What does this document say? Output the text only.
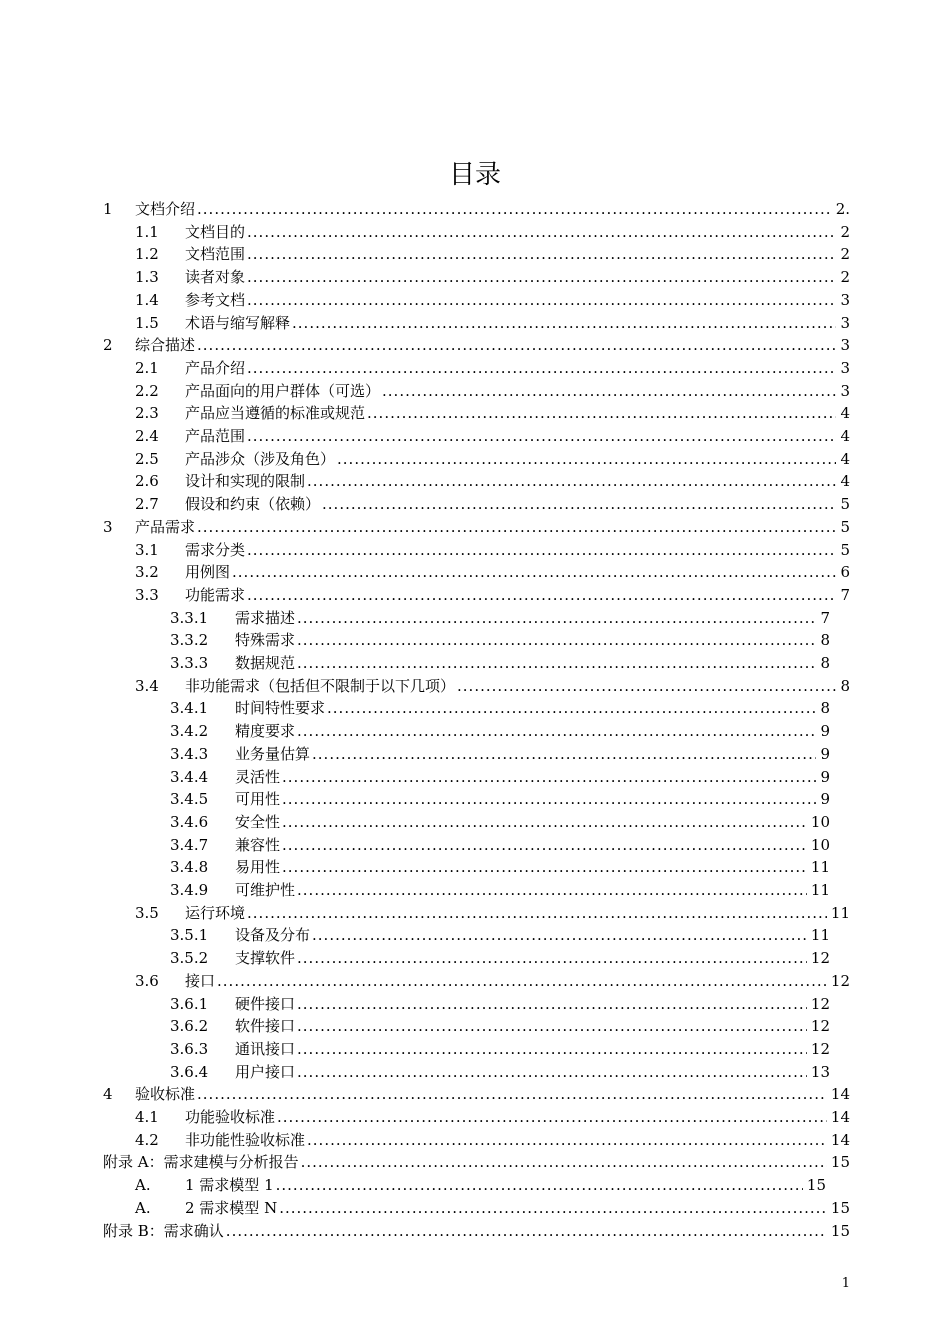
目录
1	文档介绍 .....	2.
1.1	文档目的 .....	2
1.2	文档范围 .....	2
1.3	读者对象 .....	2
1.4	参考文档 .....	3
1.5	术语与缩写解释 .....	3
2	综合描述 .....	3
2.1	产品介绍 .....	3
2.2	产品面向的用户群体（可选） .....	3
2.3	产品应当遵循的标准或规范 .....	4
2.4	产品范围 .....	4
2.5	产品涉众（涉及角色） .....	4
2.6	设计和实现的限制 .....	4
2.7	假设和约束（依赖） .....	5
3	产品需求 .....	5
3.1	需求分类 .....	5
3.2	用例图 .....	6
3.3	功能需求 .....	7
3.3.1	需求描述 .....	7
3.3.2	特殊需求 .....	8
3.3.3	数据规范 .....	8
3.4	非功能需求（包括但不限制于以下几项） .....	8
3.4.1	时间特性要求 .....	8
3.4.2	精度要求 .....	9
3.4.3	业务量估算 .....	9
3.4.4	灵活性 .....	9
3.4.5	可用性 .....	9
3.4.6	安全性 .....	10
3.4.7	兼容性 .....	10
3.4.8	易用性 .....	11
3.4.9	可维护性 .....	11
3.5	运行环境 .....	11
3.5.1	设备及分布 .....	11
3.5.2	支撑软件 .....	12
3.6	接口 .....	12
3.6.1	硬件接口 .....	12
3.6.2	软件接口 .....	12
3.6.3	通讯接口 .....	12
3.6.4	用户接口 .....	13
4	验收标准 .....	14
4.1	功能验收标准 .....	14
4.2	非功能性验收标准 .....	14
附录 A：需求建模与分析报告 .....	15
A.	1 需求模型 1 .....	15
A.	2 需求模型 N .....	15
附录 B：需求确认 .....	15
1
